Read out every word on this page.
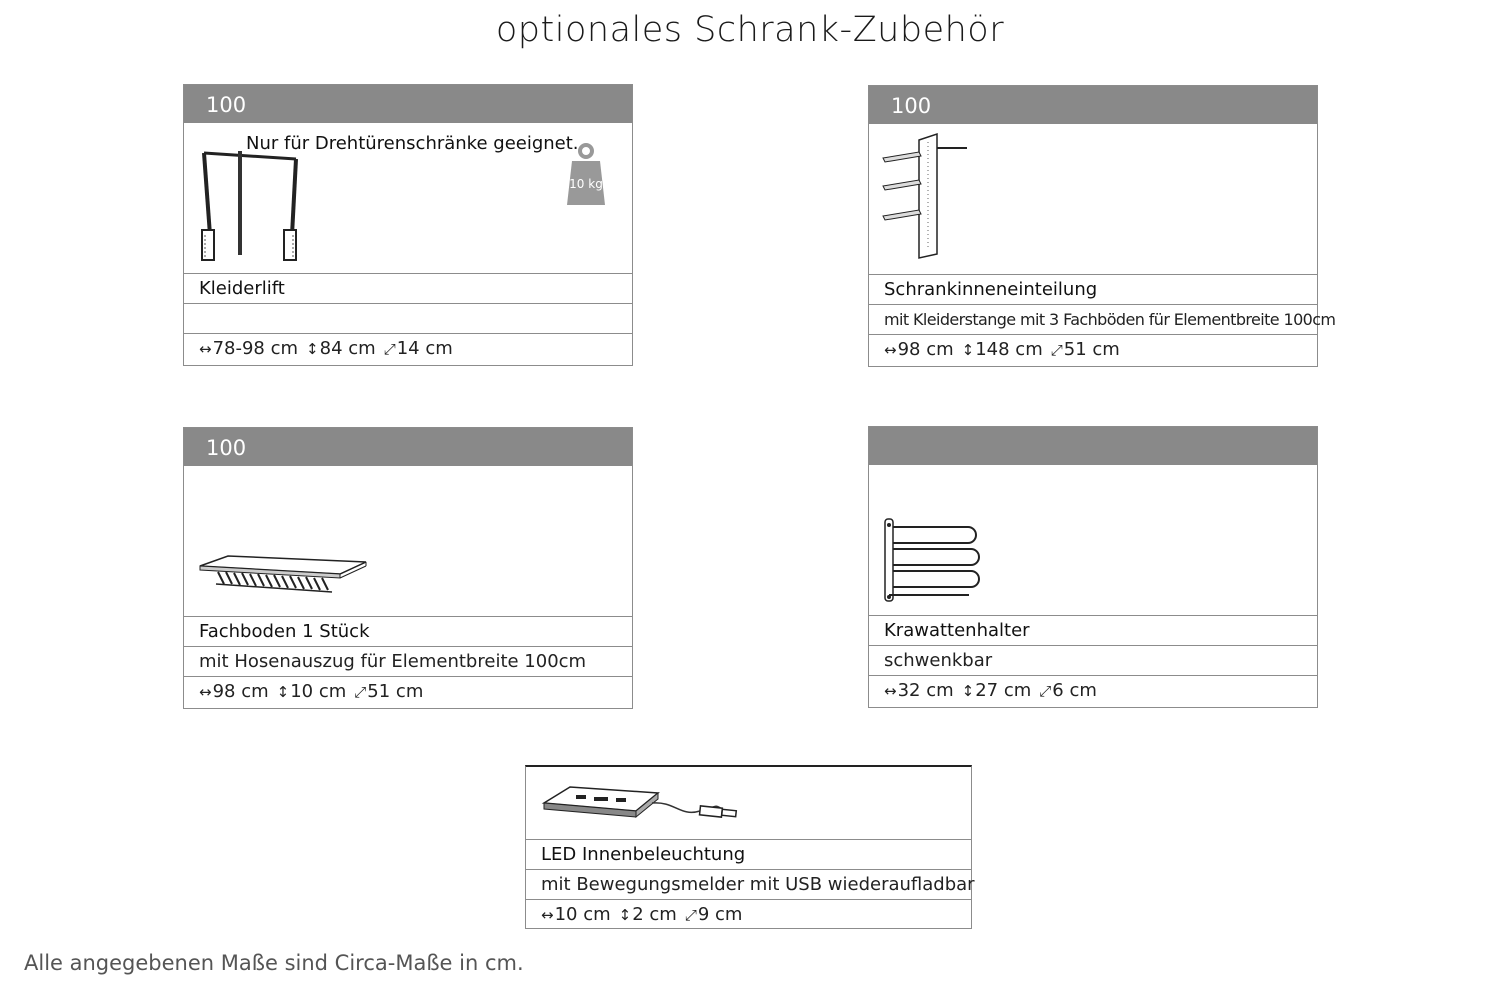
optionales Schrank-Zubehör
100
Nur für Drehtürenschränke geeignet.
10 kg
Kleiderlift
↔78-98 cm ↕84 cm ⤢14 cm
100
Schrankinneneinteilung
mit Kleiderstange mit 3 Fachböden für Elementbreite 100cm
↔98 cm ↕148 cm ⤢51 cm
100
Fachboden 1 Stück
mit Hosenauszug für Elementbreite 100cm
↔98 cm ↕10 cm ⤢51 cm
Krawattenhalter
schwenkbar
↔32 cm ↕27 cm ⤢6 cm
LED Innenbeleuchtung
mit Bewegungsmelder mit USB wiederaufladbar
↔10 cm ↕2 cm ⤢9 cm
Alle angegebenen Maße sind Circa-Maße in cm.
